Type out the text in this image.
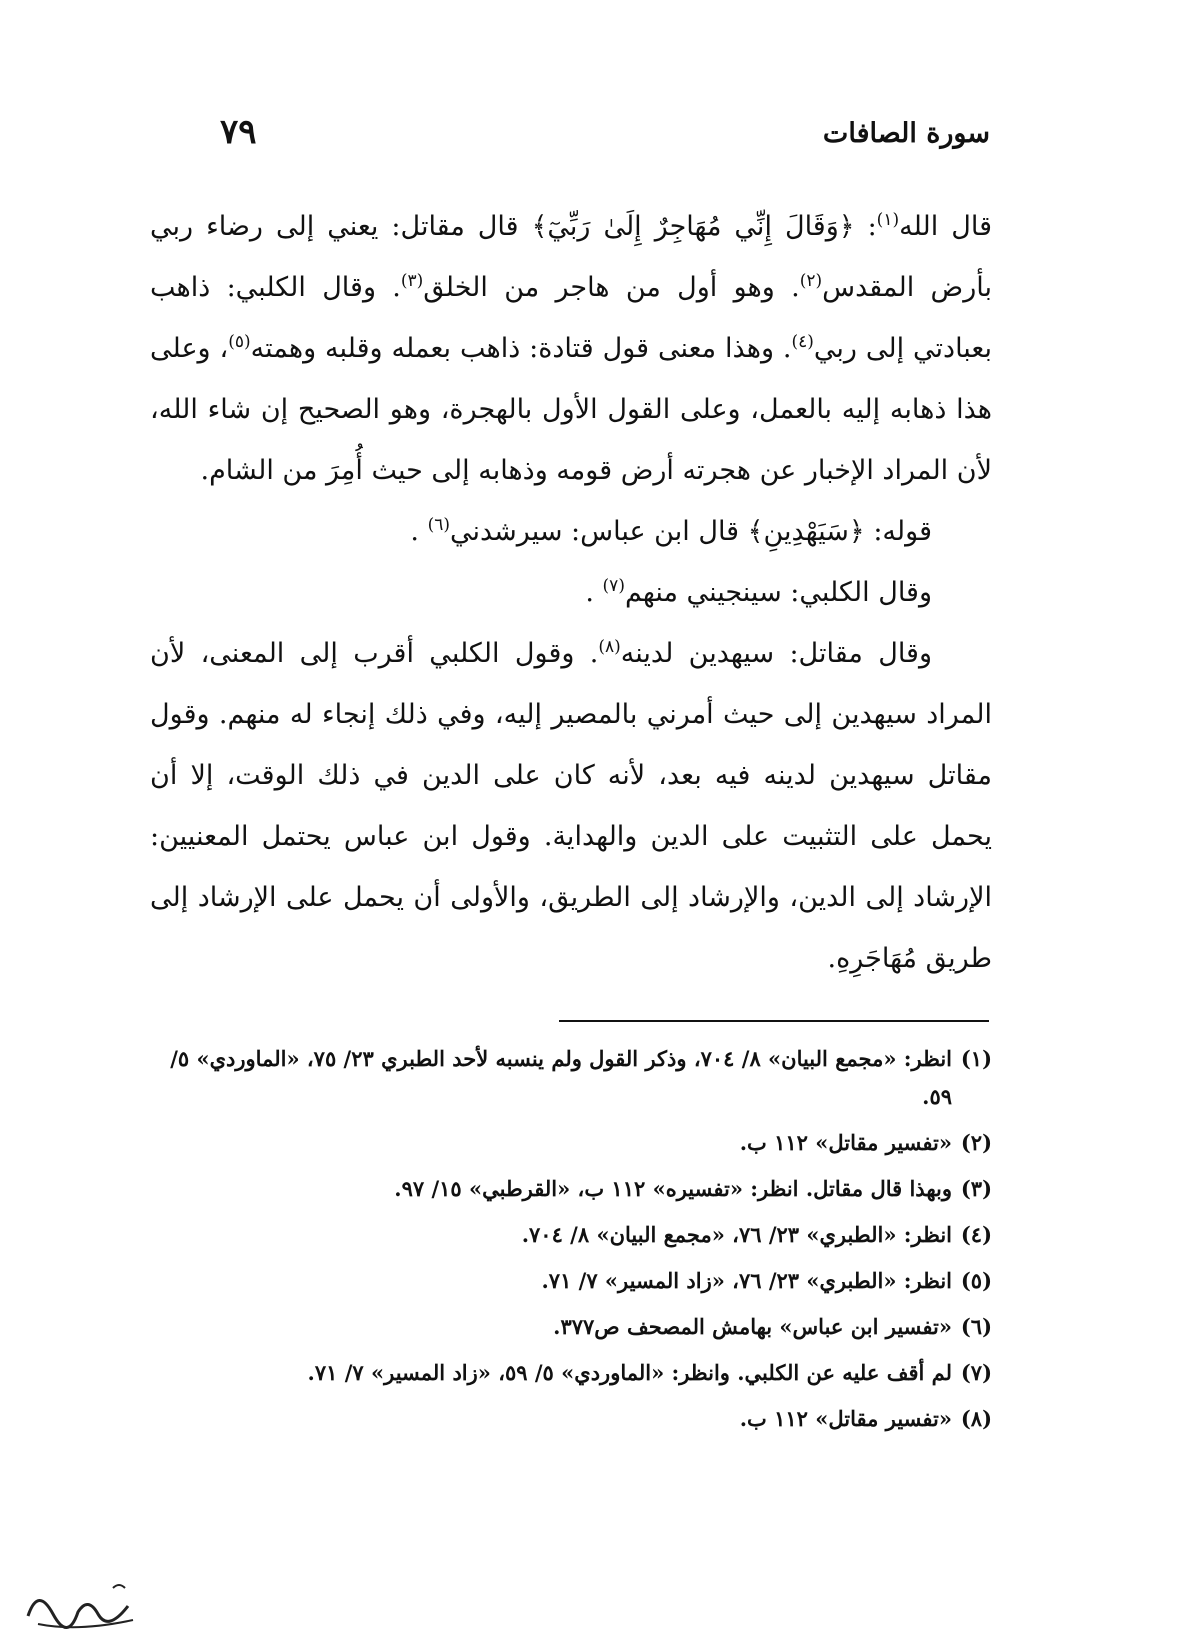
سورة الصافات
٧٩

قال الله$^{(١)}$: ﴿وَقَالَ إِنِّي مُهَاجِرٌ إِلَىٰ رَبِّيٓ﴾ قال مقاتل: يعني إلى رضاء ربي بأرض المقدس$^{(٢)}$. وهو أول من هاجر من الخلق$^{(٣)}$. وقال الكلبي: ذاهب بعبادتي إلى ربي$^{(٤)}$. وهذا معنى قول قتادة: ذاهب بعمله وقلبه وهمته$^{(٥)}$، وعلى هذا ذهابه إليه بالعمل، وعلى القول الأول بالهجرة، وهو الصحيح إن شاء الله، لأن المراد الإخبار عن هجرته أرض قومه وذهابه إلى حيث أُمِرَ من الشام.

قوله: ﴿سَيَهْدِينِ﴾ قال ابن عباس: سيرشدني$^{(٦)}$ .

وقال الكلبي: سينجيني منهم$^{(٧)}$ .

وقال مقاتل: سيهدين لدينه$^{(٨)}$. وقول الكلبي أقرب إلى المعنى، لأن المراد سيهدين إلى حيث أمرني بالمصير إليه، وفي ذلك إنجاء له منهم. وقول مقاتل سيهدين لدينه فيه بعد، لأنه كان على الدين في ذلك الوقت، إلا أن يحمل على التثبيت على الدين والهداية. وقول ابن عباس يحتمل المعنيين: الإرشاد إلى الدين، والإرشاد إلى الطريق، والأولى أن يحمل على الإرشاد إلى طريق مُهَاجَرِهِ.

(١)
انظر: «مجمع البيان» ٨/ ٧٠٤، وذكر القول ولم ينسبه لأحد الطبري ٢٣/ ٧٥، «الماوردي» ٥/ ٥٩.
(٢)
«تفسير مقاتل» ١١٢ ب.
(٣)
وبهذا قال مقاتل. انظر: «تفسيره» ١١٢ ب، «القرطبي» ١٥/ ٩٧.
(٤)
انظر: «الطبري» ٢٣/ ٧٦، «مجمع البيان» ٨/ ٧٠٤.
(٥)
انظر: «الطبري» ٢٣/ ٧٦، «زاد المسير» ٧/ ٧١.
(٦)
«تفسير ابن عباس» بهامش المصحف ص٣٧٧.
(٧)
لم أقف عليه عن الكلبي. وانظر: «الماوردي» ٥/ ٥٩، «زاد المسير» ٧/ ٧١.
(٨)
«تفسير مقاتل» ١١٢ ب.
